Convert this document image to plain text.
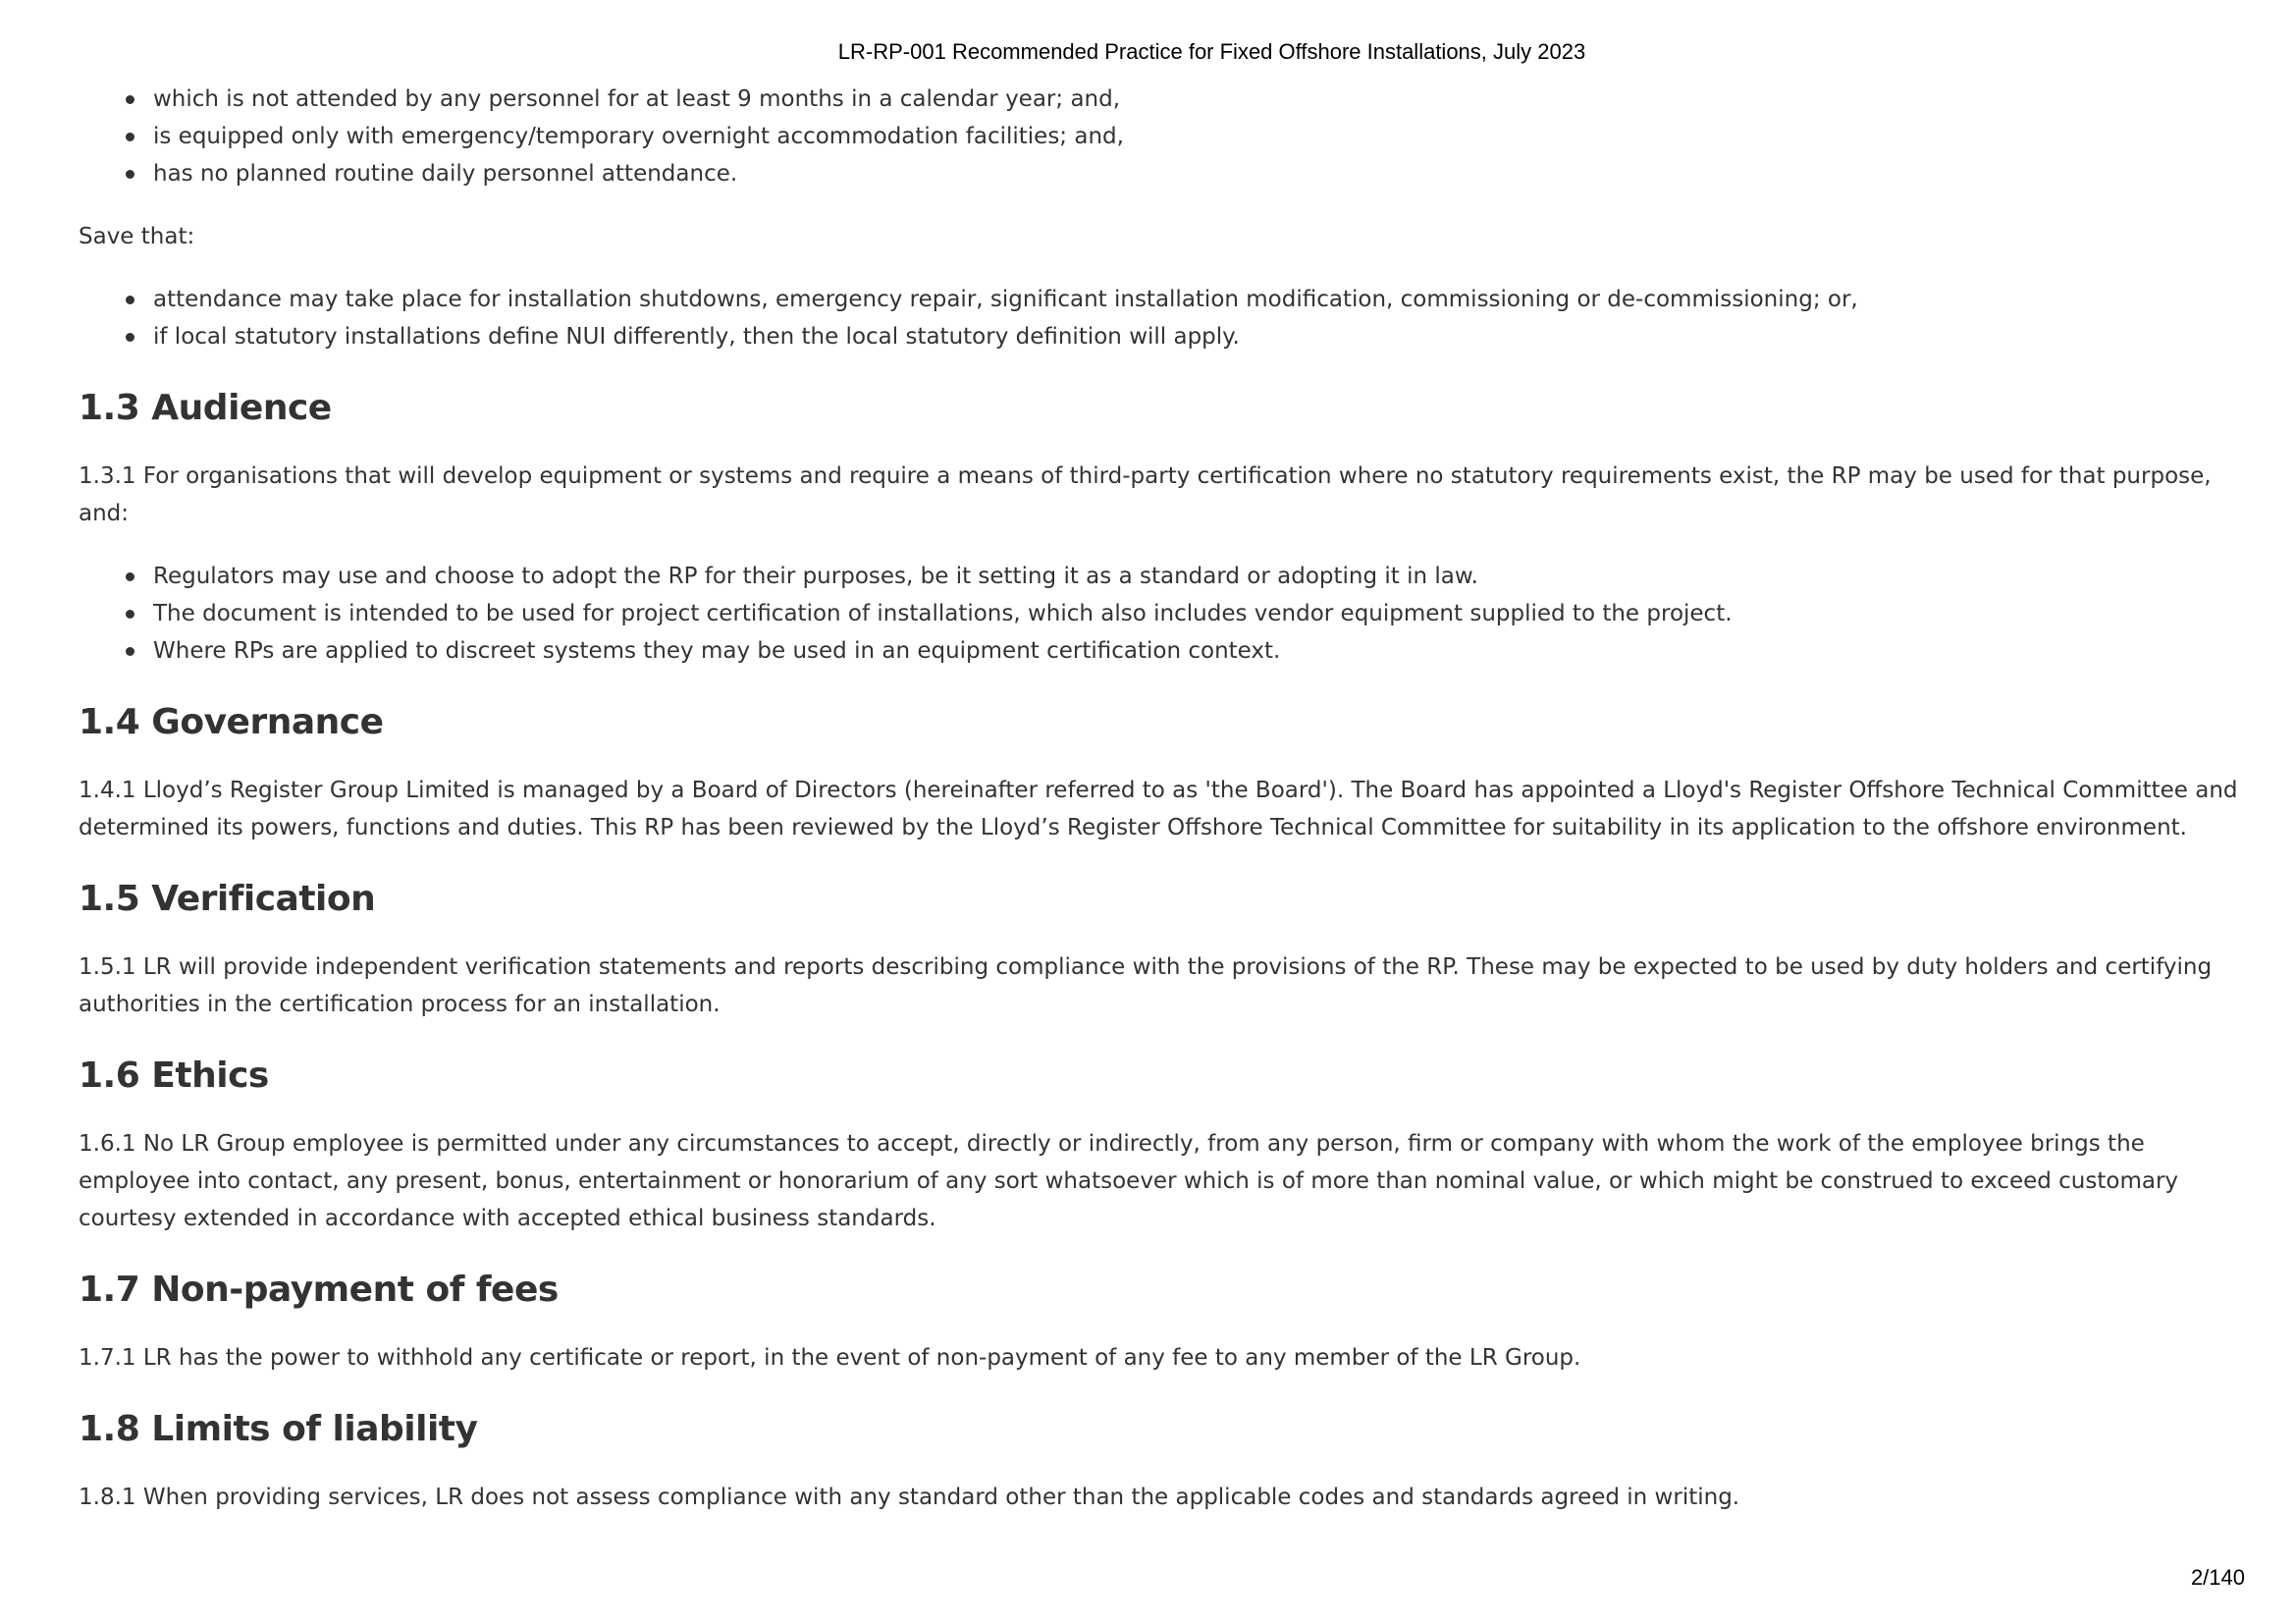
LR-RP-001 Recommended Practice for Fixed Offshore Installations, July 2023
which is not attended by any personnel for at least 9 months in a calendar year; and,
is equipped only with emergency/temporary overnight accommodation facilities; and,
has no planned routine daily personnel attendance.

Save that:

attendance may take place for installation shutdowns, emergency repair, significant installation modification, commissioning or de-commissioning; or,
if local statutory installations define NUI differently, then the local statutory definition will apply.
1.3 Audience

1.3.1 For organisations that will develop equipment or systems and require a means of third-party certification where no statutory requirements exist, the RP may be used for that purpose, and:

Regulators may use and choose to adopt the RP for their purposes, be it setting it as a standard or adopting it in law.
The document is intended to be used for project certification of installations, which also includes vendor equipment supplied to the project.
Where RPs are applied to discreet systems they may be used in an equipment certification context.
1.4 Governance

1.4.1 Lloyd’s Register Group Limited is managed by a Board of Directors (hereinafter referred to as 'the Board'). The Board has appointed a Lloyd's Register Offshore Technical Committee and determined its powers, functions and duties. This RP has been reviewed by the Lloyd’s Register Offshore Technical Committee for suitability in its application to the offshore environment.

1.5 Verification

1.5.1 LR will provide independent verification statements and reports describing compliance with the provisions of the RP. These may be expected to be used by duty holders and certifying authorities in the certification process for an installation.

1.6 Ethics

1.6.1 No LR Group employee is permitted under any circumstances to accept, directly or indirectly, from any person, firm or company with whom the work of the employee brings the employee into contact, any present, bonus, entertainment or honorarium of any sort whatsoever which is of more than nominal value, or which might be construed to exceed customary courtesy extended in accordance with accepted ethical business standards.

1.7 Non-payment of fees

1.7.1 LR has the power to withhold any certificate or report, in the event of non-payment of any fee to any member of the LR Group.

1.8 Limits of liability

1.8.1 When providing services, LR does not assess compliance with any standard other than the applicable codes and standards agreed in writing.

2/140
